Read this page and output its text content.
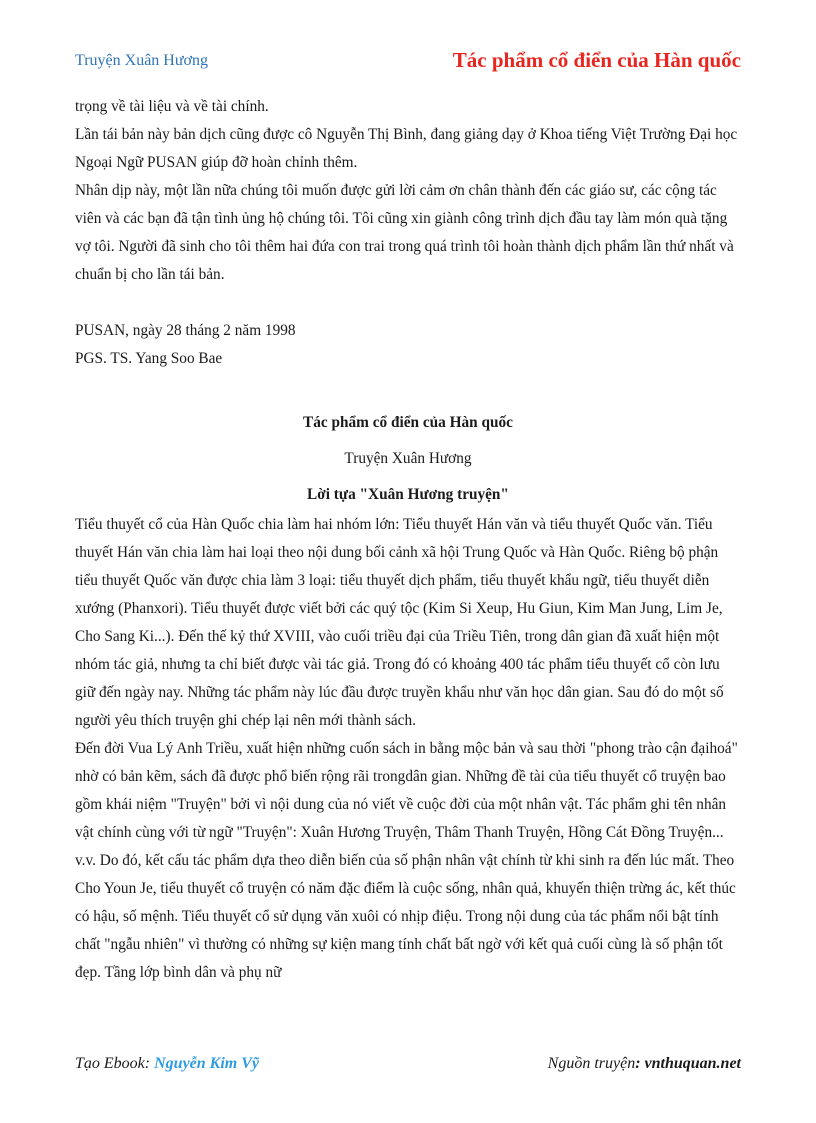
Truyện Xuân Hương	Tác phẩm cổ điển của Hàn quốc

trọng về tài liệu và về tài chính.

Lần tái bản này bản dịch cũng được cô Nguyễn Thị Bình, đang giảng dạy ở Khoa tiếng Việt Trường Đại học Ngoại Ngữ PUSAN giúp đỡ hoàn chỉnh thêm.

Nhân dịp này, một lần nữa chúng tôi muốn được gửi lời cảm ơn chân thành đến các giáo sư, các cộng tác viên và các bạn đã tận tình ủng hộ chúng tôi. Tôi cũng xin giành công trình dịch đầu tay làm món quà tặng vợ tôi. Người đã sinh cho tôi thêm hai đứa con trai trong quá trình tôi hoàn thành dịch phẩm lần thứ nhất và chuẩn bị cho lần tái bản.

PUSAN, ngày 28 tháng 2 năm 1998

PGS. TS. Yang Soo Bae

Tác phẩm cổ điển của Hàn quốc

Truyện Xuân Hương

Lời tựa "Xuân Hương truyện"

Tiểu thuyết cổ của Hàn Quốc chia làm hai nhóm lớn: Tiểu thuyết Hán văn và tiểu thuyết Quốc văn. Tiểu thuyết Hán văn chia làm hai loại theo nội dung bối cảnh xã hội Trung Quốc và Hàn Quốc. Riêng bộ phận tiểu thuyết Quốc văn được chia làm 3 loại: tiểu thuyết dịch phẩm, tiểu thuyết khẩu ngữ, tiểu thuyết diễn xướng (Phanxori). Tiểu thuyết được viết bởi các quý tộc (Kim Si Xeup, Hu Giun, Kim Man Jung, Lim Je, Cho Sang Ki...). Đến thế kỷ thứ XVIII, vào cuối triều đại của Triều Tiên, trong dân gian đã xuất hiện một nhóm tác giả, nhưng ta chỉ biết được vài tác giả. Trong đó có khoảng 400 tác phẩm tiểu thuyết cổ còn lưu giữ đến ngày nay. Những tác phẩm này lúc đầu được truyền khẩu như văn học dân gian. Sau đó do một số người yêu thích truyện ghi chép lại nên mới thành sách.

Đến đời Vua Lý Anh Triều, xuất hiện những cuốn sách in bằng mộc bản và sau thời "phong trào cận đạihoá" nhờ có bản kẽm, sách đã được phổ biến rộng rãi trongdân gian. Những đề tài của tiểu thuyết cổ truyện bao gồm khái niệm "Truyện" bởi vì nội dung của nó viết về cuộc đời của một nhân vật. Tác phẩm ghi tên nhân vật chính cùng với từ ngữ "Truyện": Xuân Hương Truyện, Thâm Thanh Truyện, Hồng Cát Đồng Truyện... v.v. Do đó, kết cấu tác phẩm dựa theo diễn biến của số phận nhân vật chính từ khi sinh ra đến lúc mất. Theo Cho Youn Je, tiểu thuyết cổ truyện có năm đặc điểm là cuộc sống, nhân quả, khuyến thiện trừng ác, kết thúc có hậu, số mệnh. Tiểu thuyết cổ sử dụng văn xuôi có nhịp điệu. Trong nội dung của tác phẩm nổi bật tính chất "ngẫu nhiên" vì thường có những sự kiện mang tính chất bất ngờ với kết quả cuối cùng là số phận tốt đẹp. Tầng lớp bình dân và phụ nữ

Tạo Ebook: Nguyễn Kim Vỹ	Nguồn truyện: vnthuquan.net
